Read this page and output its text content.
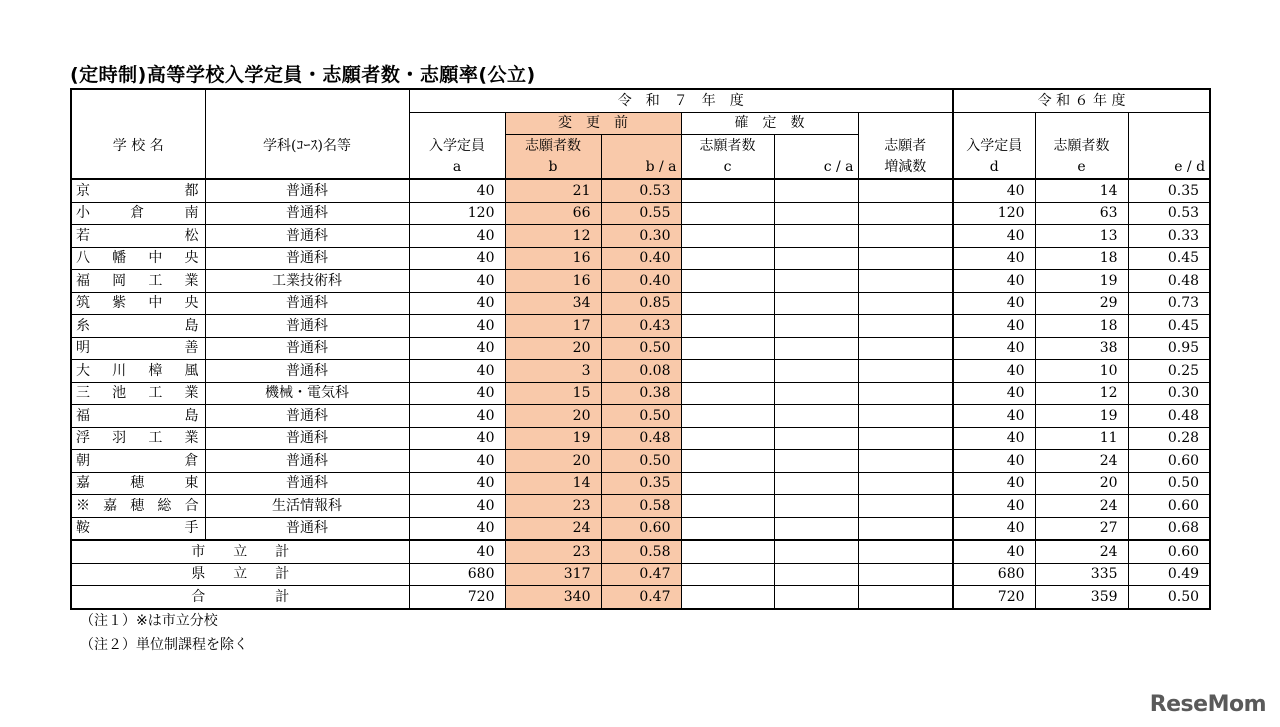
(定時制)高等学校入学定員・志願者数・志願率(公立)
		令　和　７　年　度						令 和 ６ 年 度		
			変　更　前		確　定　数					
学 校 名	学科(ｺｰｽ)名等	入学定員	志願者数		志願者数		志願者	入学定員	志願者数	
		a	b	b / a	c	c / a	増減数	d	e	e / d
京 都	普通科	40	21	0.53				40	14	0.35
小 倉 南	普通科	120	66	0.55				120	63	0.53
若 松	普通科	40	12	0.30				40	13	0.33
八 幡 中 央	普通科	40	16	0.40				40	18	0.45
福 岡 工 業	工業技術科	40	16	0.40				40	19	0.48
筑 紫 中 央	普通科	40	34	0.85				40	29	0.73
糸 島	普通科	40	17	0.43				40	18	0.45
明 善	普通科	40	20	0.50				40	38	0.95
大 川 樟 風	普通科	40	3	0.08				40	10	0.25
三 池 工 業	機械・電気科	40	15	0.38				40	12	0.30
福 島	普通科	40	20	0.50				40	19	0.48
浮 羽 工 業	普通科	40	19	0.48				40	11	0.28
朝 倉	普通科	40	20	0.50				40	24	0.60
嘉 穂 東	普通科	40	14	0.35				40	20	0.50
※ 嘉 穂 総 合	生活情報科	40	23	0.58				40	24	0.60
鞍 手	普通科	40	24	0.60				40	27	0.68
市　　立　　計		40	23	0.58				40	24	0.60
県　　立　　計		680	317	0.47				680	335	0.49
合　　　　　計		720	340	0.47				720	359	0.50
（注１）※は市立分校
（注２）単位制課程を除く
ReseMom
